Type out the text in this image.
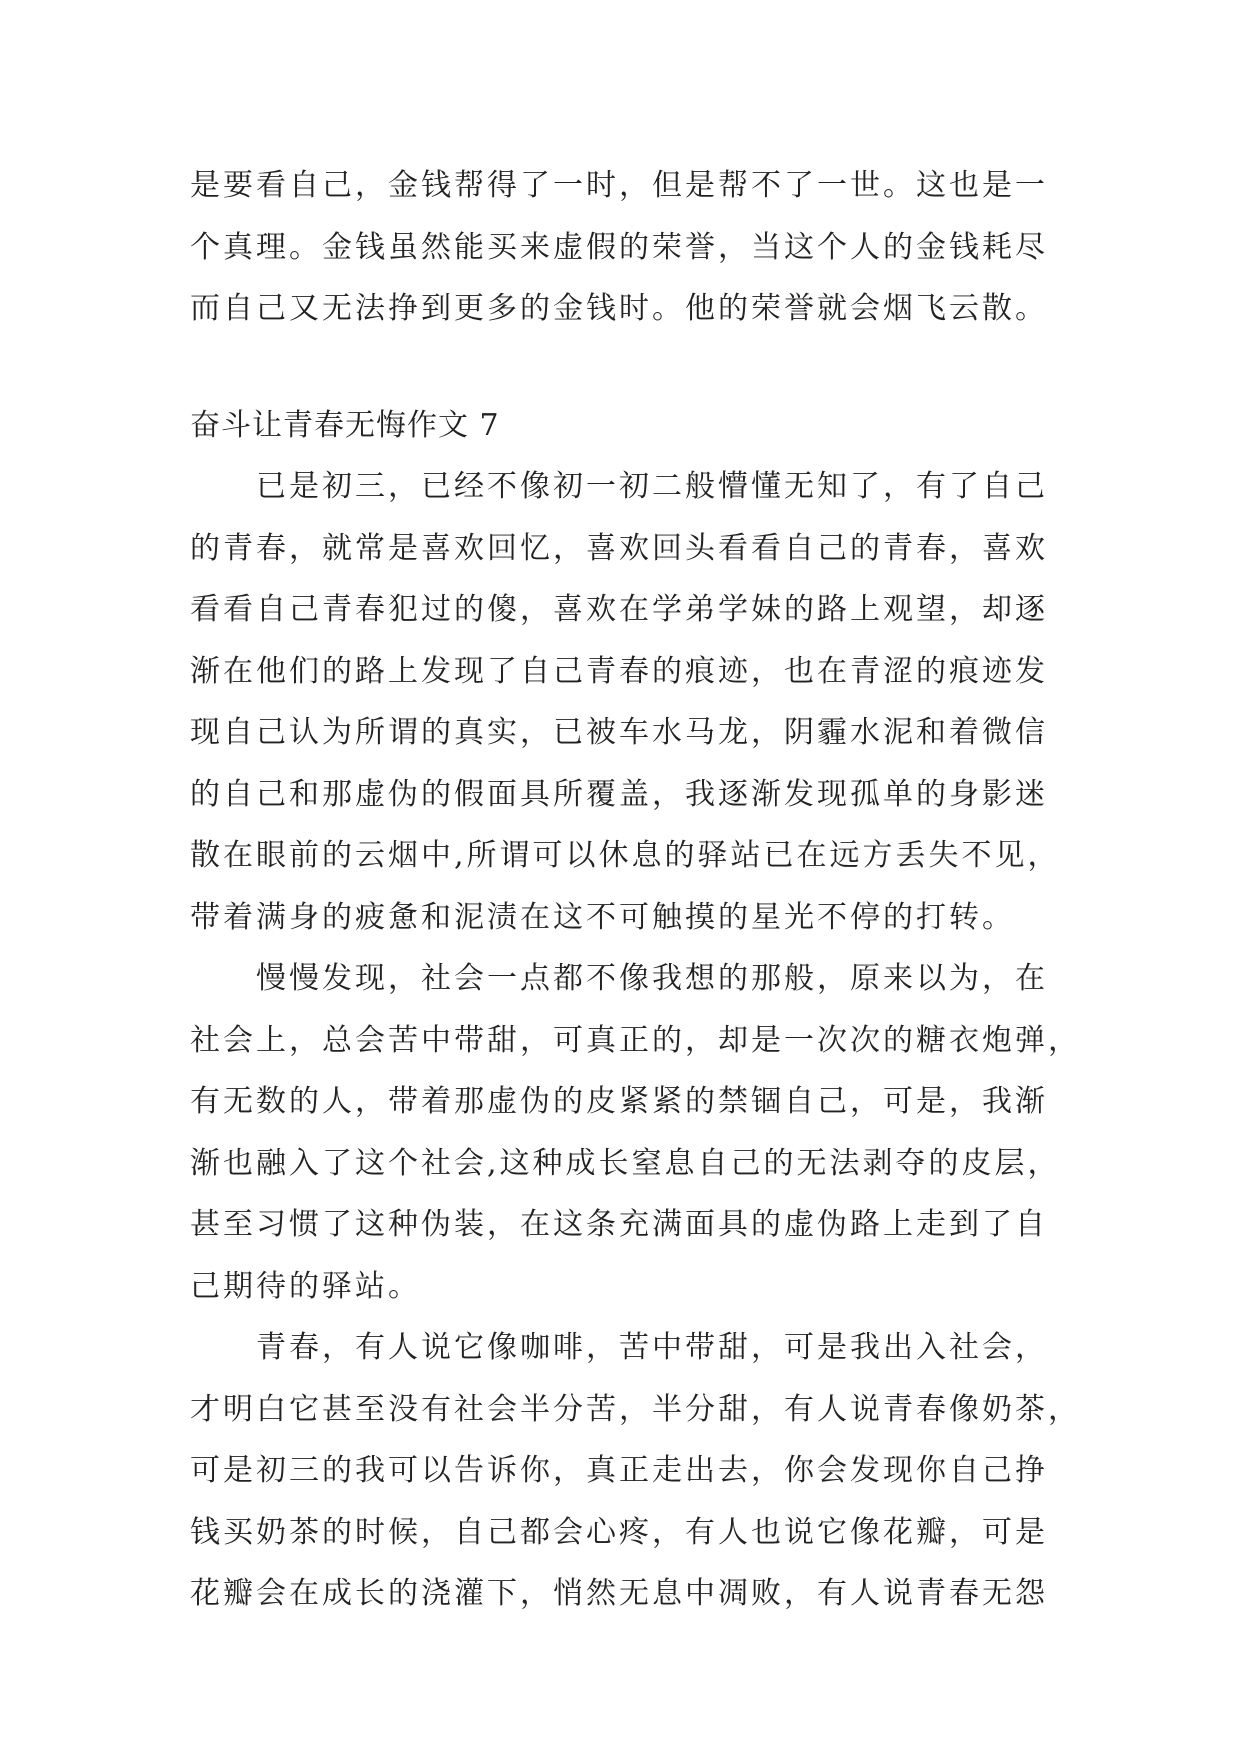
是要看自己，金钱帮得了一时，但是帮不了一世。这也是一
个真理。金钱虽然能买来虚假的荣誉，当这个人的金钱耗尽
而自己又无法挣到更多的金钱时。他的荣誉就会烟飞云散。
奋斗让青春无悔作文 7
　　已是初三，已经不像初一初二般懵懂无知了，有了自己
的青春，就常是喜欢回忆，喜欢回头看看自己的青春，喜欢
看看自己青春犯过的傻，喜欢在学弟学妹的路上观望，却逐
渐在他们的路上发现了自己青春的痕迹，也在青涩的痕迹发
现自己认为所谓的真实，已被车水马龙，阴霾水泥和着微信
的自己和那虚伪的假面具所覆盖，我逐渐发现孤单的身影迷
散在眼前的云烟中,所谓可以休息的驿站已在远方丢失不见，
带着满身的疲惫和泥渍在这不可触摸的星光不停的打转。
　　慢慢发现，社会一点都不像我想的那般，原来以为，在
社会上，总会苦中带甜，可真正的，却是一次次的糖衣炮弹，
有无数的人，带着那虚伪的皮紧紧的禁锢自己，可是，我渐
渐也融入了这个社会,这种成长窒息自己的无法剥夺的皮层，
甚至习惯了这种伪装，在这条充满面具的虚伪路上走到了自
己期待的驿站。
　　青春，有人说它像咖啡，苦中带甜，可是我出入社会，
才明白它甚至没有社会半分苦，半分甜，有人说青春像奶茶，
可是初三的我可以告诉你，真正走出去，你会发现你自己挣
钱买奶茶的时候，自己都会心疼，有人也说它像花瓣，可是
花瓣会在成长的浇灌下，悄然无息中凋败，有人说青春无怨
